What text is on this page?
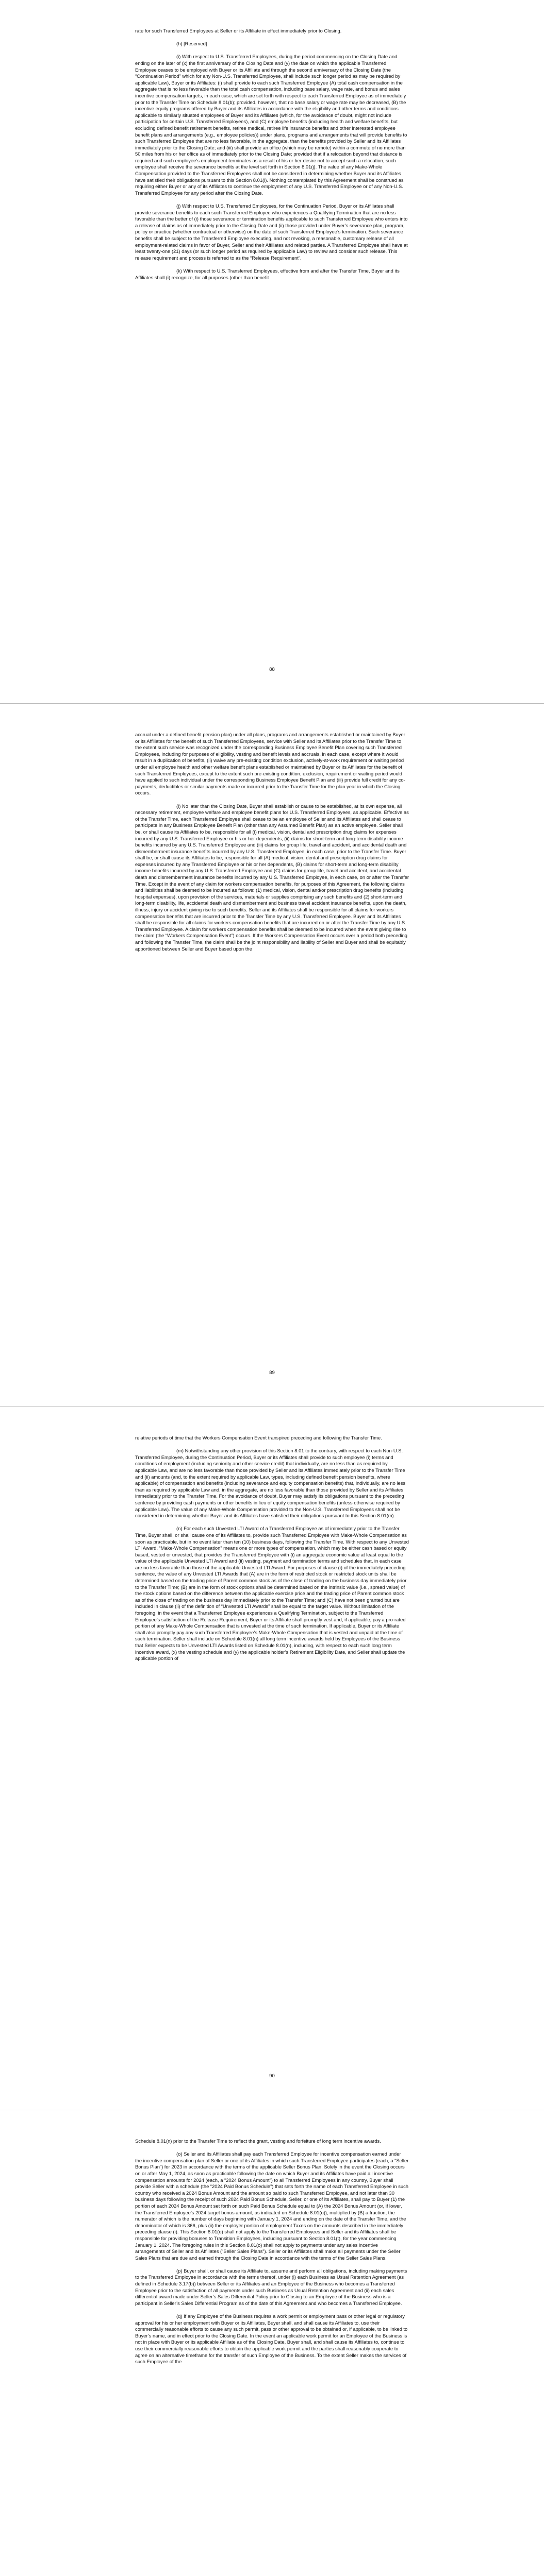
rate for such Transferred Employees at Seller or its Affiliate in effect immediately prior to Closing.

(h) [Reserved]

(i) With respect to U.S. Transferred Employees, during the period commencing on the Closing Date and ending on the later of (x) the first anniversary of the Closing Date and (y) the date on which the applicable Transferred Employee ceases to be employed with Buyer or its Affiliate and through the second anniversary of the Closing Date (the “Continuation Period” which for any Non-U.S. Transferred Employee, shall include such longer period as may be required by applicable Law), Buyer or its Affiliates: (i) shall provide to each such Transferred Employee (A) total cash compensation in the aggregate that is no less favorable than the total cash compensation, including base salary, wage rate, and bonus and sales incentive compensation targets, in each case, which are set forth with respect to each Transferred Employee as of immediately prior to the Transfer Time on Schedule 8.01(b); provided, however, that no base salary or wage rate may be decreased, (B) the incentive equity programs offered by Buyer and its Affiliates in accordance with the eligibility and other terms and conditions applicable to similarly situated employees of Buyer and its Affiliates (which, for the avoidance of doubt, might not include participation for certain U.S. Transferred Employees), and (C) employee benefits (including health and welfare benefits, but excluding defined benefit retirement benefits, retiree medical, retiree life insurance benefits and other interested employee benefit plans and arrangements (e.g., employee policies)) under plans, programs and arrangements that will provide benefits to such Transferred Employee that are no less favorable, in the aggregate, than the benefits provided by Seller and its Affiliates immediately prior to the Closing Date; and (iii) shall provide an office (which may be remote) within a commute of no more than 50 miles from his or her office as of immediately prior to the Closing Date; provided that if a relocation beyond that distance is required and such employee’s employment terminates as a result of his or her desire not to accept such a relocation, such employee shall receive the severance benefits at the level set forth in Section 8.01(j). The value of any Make-Whole Compensation provided to the Transferred Employees shall not be considered in determining whether Buyer and its Affiliates have satisfied their obligations pursuant to this Section 8.01(i). Nothing contemplated by this Agreement shall be construed as requiring either Buyer or any of its Affiliates to continue the employment of any U.S. Transferred Employee or of any Non-U.S. Transferred Employee for any period after the Closing Date.

(j) With respect to U.S. Transferred Employees, for the Continuation Period, Buyer or its Affiliates shall provide severance benefits to each such Transferred Employee who experiences a Qualifying Termination that are no less favorable than the better of (i) those severance or termination benefits applicable to such Transferred Employee who enters into a release of claims as of immediately prior to the Closing Date and (ii) those provided under Buyer’s severance plan, program, policy or practice (whether contractual or otherwise) on the date of such Transferred Employee’s termination. Such severance benefits shall be subject to the Transferred Employee executing, and not revoking, a reasonable, customary release of all employment-related claims in favor of Buyer, Seller and their Affiliates and related parties. A Transferred Employee shall have at least twenty-one (21) days (or such longer period as required by applicable Law) to review and consider such release. This release requirement and process is referred to as the “Release Requirement”.

(k) With respect to U.S. Transferred Employees, effective from and after the Transfer Time, Buyer and its Affiliates shall (i) recognize, for all purposes (other than benefit

88

accrual under a defined benefit pension plan) under all plans, programs and arrangements established or maintained by Buyer or its Affiliates for the benefit of such Transferred Employees, service with Seller and its Affiliates prior to the Transfer Time to the extent such service was recognized under the corresponding Business Employee Benefit Plan covering such Transferred Employees, including for purposes of eligibility, vesting and benefit levels and accruals, in each case, except where it would result in a duplication of benefits, (ii) waive any pre-existing condition exclusion, actively-at-work requirement or waiting period under all employee health and other welfare benefit plans established or maintained by Buyer or its Affiliates for the benefit of such Transferred Employees, except to the extent such pre-existing condition, exclusion, requirement or waiting period would have applied to such individual under the corresponding Business Employee Benefit Plan and (iii) provide full credit for any co-payments, deductibles or similar payments made or incurred prior to the Transfer Time for the plan year in which the Closing occurs.

(l) No later than the Closing Date, Buyer shall establish or cause to be established, at its own expense, all necessary retirement, employee welfare and employee benefit plans for U.S. Transferred Employees, as applicable. Effective as of the Transfer Time, each Transferred Employee shall cease to be an employee of Seller and its Affiliates and shall cease to participate in any Business Employee Benefit Plan (other than any Assumed Benefit Plan) as an active employee. Seller shall be, or shall cause its Affiliates to be, responsible for all (i) medical, vision, dental and prescription drug claims for expenses incurred by any U.S. Transferred Employee or his or her dependents, (ii) claims for short-term and long-term disability income benefits incurred by any U.S. Transferred Employee and (iii) claims for group life, travel and accident, and accidental death and dismemberment insurance benefits incurred by any U.S. Transferred Employee, in each case, prior to the Transfer Time. Buyer shall be, or shall cause its Affiliates to be, responsible for all (A) medical, vision, dental and prescription drug claims for expenses incurred by any Transferred Employee or his or her dependents, (B) claims for short-term and long-term disability income benefits incurred by any U.S. Transferred Employee and (C) claims for group life, travel and accident, and accidental death and dismemberment insurance benefits incurred by any U.S. Transferred Employee, in each case, on or after the Transfer Time. Except in the event of any claim for workers compensation benefits, for purposes of this Agreement, the following claims and liabilities shall be deemed to be incurred as follows: (1) medical, vision, dental and/or prescription drug benefits (including hospital expenses), upon provision of the services, materials or supplies comprising any such benefits and (2) short-term and long-term disability, life, accidental death and dismemberment and business travel accident insurance benefits, upon the death, illness, injury or accident giving rise to such benefits. Seller and its Affiliates shall be responsible for all claims for workers compensation benefits that are incurred prior to the Transfer Time by any U.S. Transferred Employee. Buyer and its Affiliates shall be responsible for all claims for workers compensation benefits that are incurred on or after the Transfer Time by any U.S. Transferred Employee. A claim for workers compensation benefits shall be deemed to be incurred when the event giving rise to the claim (the “Workers Compensation Event”) occurs. If the Workers Compensation Event occurs over a period both preceding and following the Transfer Time, the claim shall be the joint responsibility and liability of Seller and Buyer and shall be equitably apportioned between Seller and Buyer based upon the

89

relative periods of time that the Workers Compensation Event transpired preceding and following the Transfer Time.

(m) Notwithstanding any other provision of this Section 8.01 to the contrary, with respect to each Non-U.S. Transferred Employee, during the Continuation Period, Buyer or its Affiliates shall provide to such employee (i) terms and conditions of employment (including seniority and other service credit) that individually, are no less than as required by applicable Law, and are no less favorable than those provided by Seller and its Affiliates immediately prior to the Transfer Time and (ii) amounts (and, to the extent required by applicable Law, types, including defined benefit pension benefits, where applicable) of compensation and benefits (including severance and equity compensation benefits) that, individually, are no less than as required by applicable Law and, in the aggregate, are no less favorable than those provided by Seller and its Affiliates immediately prior to the Transfer Time. For the avoidance of doubt, Buyer may satisfy its obligations pursuant to the preceding sentence by providing cash payments or other benefits in lieu of equity compensation benefits (unless otherwise required by applicable Law). The value of any Make-Whole Compensation provided to the Non-U.S. Transferred Employees shall not be considered in determining whether Buyer and its Affiliates have satisfied their obligations pursuant to this Section 8.01(m).

(n) For each such Unvested LTI Award of a Transferred Employee as of immediately prior to the Transfer Time, Buyer shall, or shall cause one of its Affiliates to, provide such Transferred Employee with Make-Whole Compensation as soon as practicable, but in no event later than ten (10) business days, following the Transfer Time. With respect to any Unvested LTI Award, “Make-Whole Compensation” means one or more types of compensation, which may be either cash based or equity based, vested or unvested, that provides the Transferred Employee with (i) an aggregate economic value at least equal to the value of the applicable Unvested LTI Award and (ii) vesting, payment and termination terms and schedules that, in each case are no less favorable than those of the applicable Unvested LTI Award. For purposes of clause (i) of the immediately preceding sentence, the value of any Unvested LTI Awards that (A) are in the form of restricted stock or restricted stock units shall be determined based on the trading price of Parent common stock as of the close of trading on the business day immediately prior to the Transfer Time; (B) are in the form of stock options shall be determined based on the intrinsic value (i.e., spread value) of the stock options based on the difference between the applicable exercise price and the trading price of Parent common stock as of the close of trading on the business day immediately prior to the Transfer Time; and (C) have not been granted but are included in clause (ii) of the definition of “Unvested LTI Awards” shall be equal to the target value. Without limitation of the foregoing, in the event that a Transferred Employee experiences a Qualifying Termination, subject to the Transferred Employee’s satisfaction of the Release Requirement, Buyer or its Affiliate shall promptly vest and, if applicable, pay a pro-rated portion of any Make-Whole Compensation that is unvested at the time of such termination. If applicable, Buyer or its Affiliate shall also promptly pay any such Transferred Employee’s Make-Whole Compensation that is vested and unpaid at the time of such termination. Seller shall include on Schedule 8.01(n) all long term incentive awards held by Employees of the Business that Seller expects to be Unvested LTI Awards listed on Schedule 8.01(n), including, with respect to each such long term incentive award, (x) the vesting schedule and (y) the applicable holder’s Retirement Eligibility Date, and Seller shall update the applicable portion of

90

Schedule 8.01(n) prior to the Transfer Time to reflect the grant, vesting and forfeiture of long term incentive awards.

(o) Seller and its Affiliates shall pay each Transferred Employee for incentive compensation earned under the incentive compensation plan of Seller or one of its Affiliates in which such Transferred Employee participates (each, a “Seller Bonus Plan”) for 2023 in accordance with the terms of the applicable Seller Bonus Plan. Solely in the event the Closing occurs on or after May 1, 2024, as soon as practicable following the date on which Buyer and its Affiliates have paid all incentive compensation amounts for 2024 (each, a “2024 Bonus Amount”) to all Transferred Employees in any country, Buyer shall provide Seller with a schedule (the “2024 Paid Bonus Schedule”) that sets forth the name of each Transferred Employee in such country who received a 2024 Bonus Amount and the amount so paid to such Transferred Employee, and not later than 30 business days following the receipt of such 2024 Paid Bonus Schedule, Seller, or one of its Affiliates, shall pay to Buyer (1) the portion of each 2024 Bonus Amount set forth on such Paid Bonus Schedule equal to (A) the 2024 Bonus Amount (or, if lower, the Transferred Employee’s 2024 target bonus amount, as indicated on Schedule 8.01(o)), multiplied by (B) a fraction, the numerator of which is the number of days beginning with January 1, 2024 and ending on the date of the Transfer Time, and the denominator of which is 366, plus (ii) the employer portion of employment Taxes on the amounts described in the immediately preceding clause (i). This Section 8.01(o) shall not apply to the Transferred Employees and Seller and its Affiliates shall be responsible for providing bonuses to Transition Employees, including pursuant to Section 8.01(t), for the year commencing January 1, 2024. The foregoing rules in this Section 8.01(o) shall not apply to payments under any sales incentive arrangements of Seller and its Affiliates (“Seller Sales Plans”). Seller or its Affiliates shall make all payments under the Seller Sales Plans that are due and earned through the Closing Date in accordance with the terms of the Seller Sales Plans.

(p) Buyer shall, or shall cause its Affiliate to, assume and perform all obligations, including making payments to the Transferred Employee in accordance with the terms thereof, under (i) each Business as Usual Retention Agreement (as defined in Schedule 3.17(b)) between Seller or its Affiliates and an Employee of the Business who becomes a Transferred Employee prior to the satisfaction of all payments under such Business as Usual Retention Agreement and (ii) each sales differential award made under Seller’s Sales Differential Policy prior to Closing to an Employee of the Business who is a participant in Seller’s Sales Differential Program as of the date of this Agreement and who becomes a Transferred Employee.

(q) If any Employee of the Business requires a work permit or employment pass or other legal or regulatory approval for his or her employment with Buyer or its Affiliates, Buyer shall, and shall cause its Affiliates to, use their commercially reasonable efforts to cause any such permit, pass or other approval to be obtained or, if applicable, to be linked to Buyer’s name, and in effect prior to the Closing Date. In the event an applicable work permit for an Employee of the Business is not in place with Buyer or its applicable Affiliate as of the Closing Date, Buyer shall, and shall cause its Affiliates to, continue to use their commercially reasonable efforts to obtain the applicable work permit and the parties shall reasonably cooperate to agree on an alternative timeframe for the transfer of such Employee of the Business. To the extent Seller makes the services of such Employee of the
